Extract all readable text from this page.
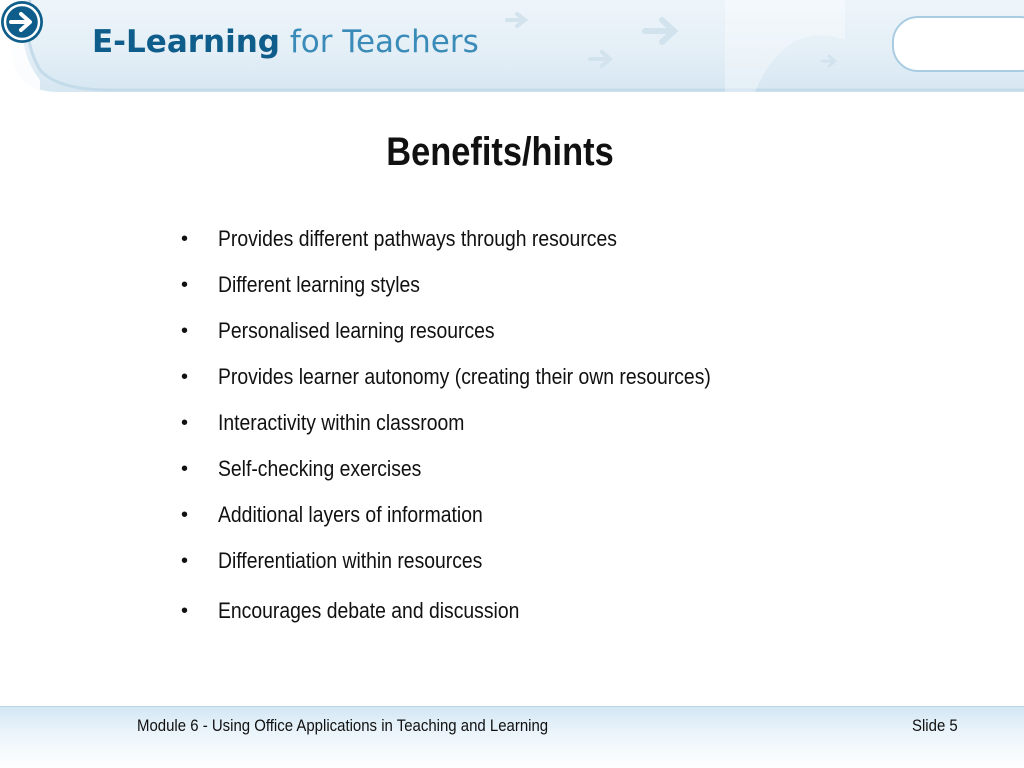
E-Learning for Teachers
Benefits/hints
• Provides different pathways through resources
• Different learning styles
• Personalised learning resources
• Provides learner autonomy (creating their own resources)
• Interactivity within classroom
• Self-checking exercises
• Additional layers of information
• Differentiation within resources
• Encourages debate and discussion
Module 6 - Using Office Applications in Teaching and Learning	Slide 5
